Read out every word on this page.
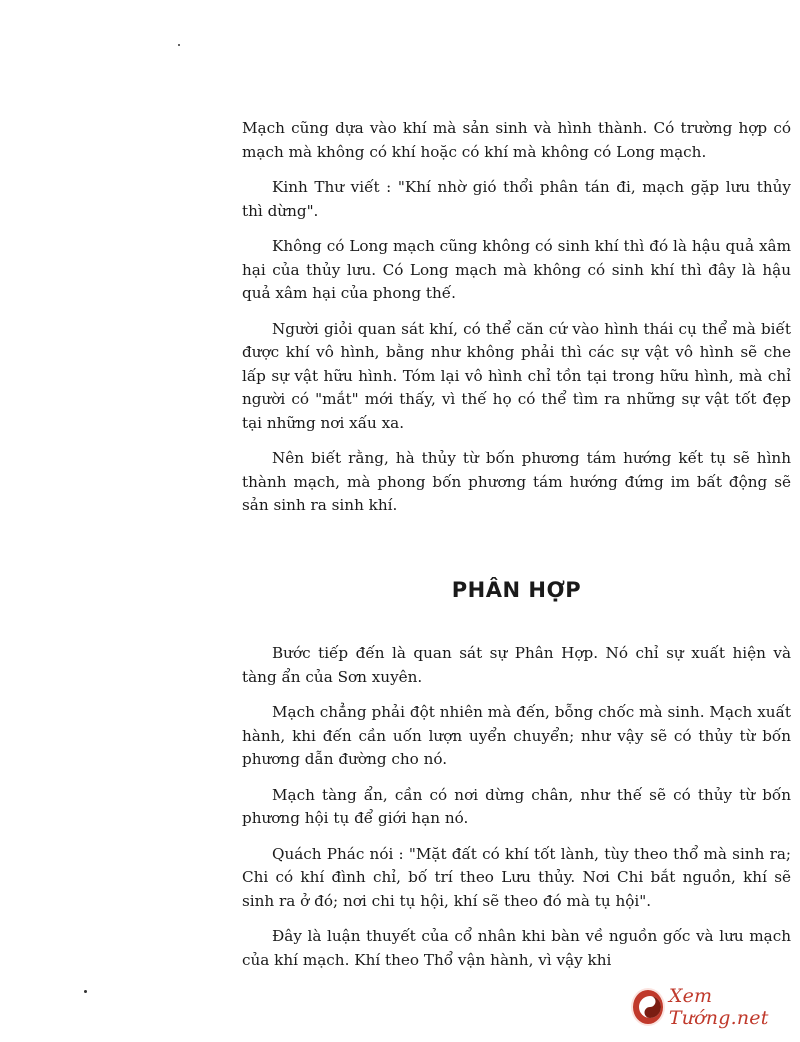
Mạch cũng dựa vào khí mà sản sinh và hình thành. Có trường hợp có mạch mà không có khí hoặc có khí mà không có Long mạch.

Kinh Thư viết : "Khí nhờ gió thổi phân tán đi, mạch gặp lưu thủy thì dừng".

Không có Long mạch cũng không có sinh khí thì đó là hậu quả xâm hại của thủy lưu. Có Long mạch mà không có sinh khí thì đây là hậu quả xâm hại của phong thế.

Người giỏi quan sát khí, có thể căn cứ vào hình thái cụ thể mà biết được khí vô hình, bằng như không phải thì các sự vật vô hình sẽ che lấp sự vật hữu hình. Tóm lại vô hình chỉ tồn tại trong hữu hình, mà chỉ người có "mắt" mới thấy, vì thế họ có thể tìm ra những sự vật tốt đẹp tại những nơi xấu xa.

Nên biết rằng, hà thủy từ bốn phương tám hướng kết tụ sẽ hình thành mạch, mà phong bốn phương tám hướng đứng im bất động sẽ sản sinh ra sinh khí.

PHÂN HỢP

Bước tiếp đến là quan sát sự Phân Hợp. Nó chỉ sự xuất hiện và tàng ẩn của Sơn xuyên.

Mạch chẳng phải đột nhiên mà đến, bỗng chốc mà sinh. Mạch xuất hành, khi đến cần uốn lượn uyển chuyển; như vậy sẽ có thủy từ bốn phương dẫn đường cho nó.

Mạch tàng ẩn, cần có nơi dừng chân, như thế sẽ có thủy từ bốn phương hội tụ để giới hạn nó.

Quách Phác nói : "Mặt đất có khí tốt lành, tùy theo thổ mà sinh ra; Chi có khí đình chỉ, bố trí theo Lưu thủy. Nơi Chi bắt nguồn, khí sẽ sinh ra ở đó; nơi chi tụ hội, khí sẽ theo đó mà tụ hội".

Đây là luận thuyết của cổ nhân khi bàn về nguồn gốc và lưu mạch của khí mạch. Khí theo Thổ vận hành, vì vậy khi

Xem Tướng.net
